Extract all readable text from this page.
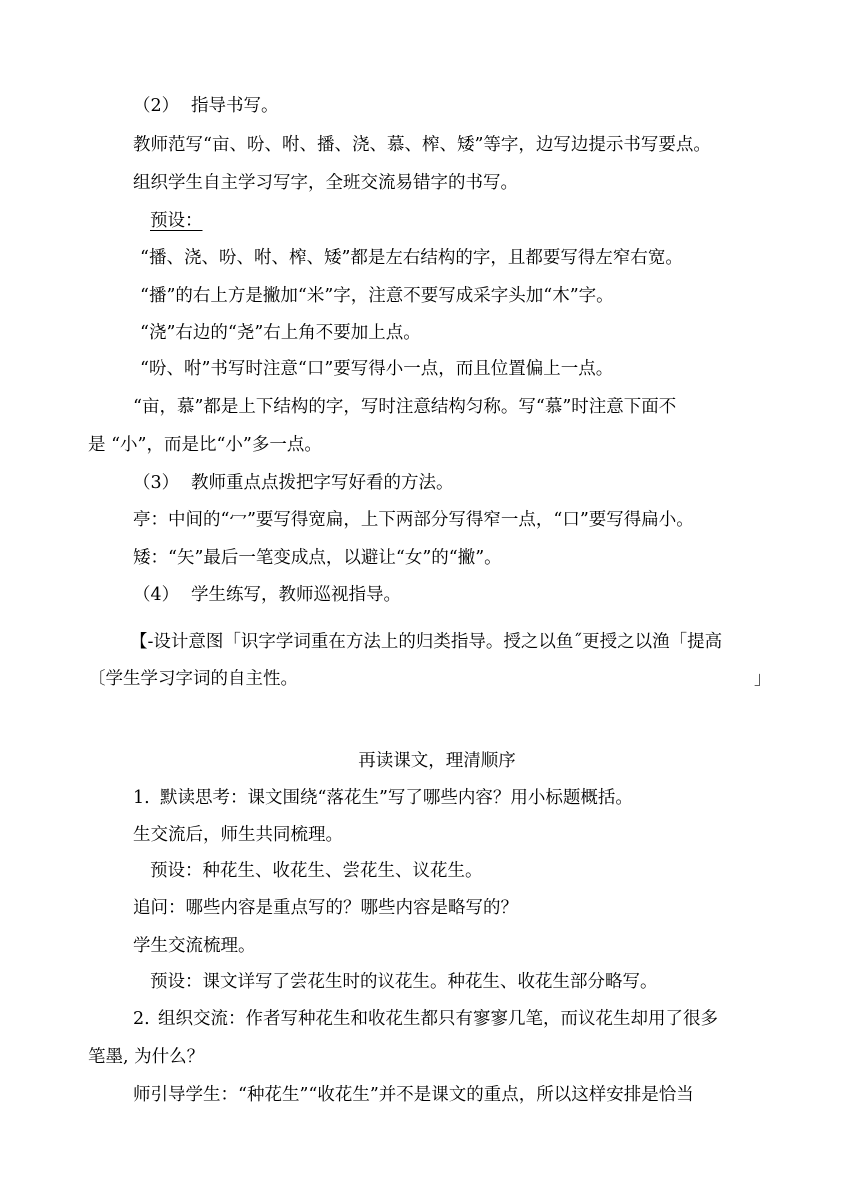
（2） 指导书写。
教师范写“亩、吩、咐、播、浇、慕、榨、矮”等字，边写边提示书写要点。
组织学生自主学习写字，全班交流易错字的书写。
预设：
“播、浇、吩、咐、榨、矮”都是左右结构的字，且都要写得左窄右宽。
“播”的右上方是撇加“米”字，注意不要写成采字头加“木”字。
“浇”右边的“尧”右上角不要加上点。
“吩、咐”书写时注意“口”要写得小一点，而且位置偏上一点。
“亩，慕”都是上下结构的字，写时注意结构匀称。写“慕”时注意下面不
是 “小”，而是比“小”多一点。
（3） 教师重点点拨把字写好看的方法。
亭：中间的“冖”要写得宽扁，上下两部分写得窄一点，“口”要写得扁小。
矮：“矢”最后一笔变成点，以避让“女”的“撇”。
（4） 学生练写，教师巡视指导。
【-设计意图「识字学词重在方法上的归类指导。授之以鱼˝更授之以渔「提高
〔学生学习字词的自主性。	」
再读课文，理清顺序
1. 默读思考：课文围绕“落花生”写了哪些内容？用小标题概括。
生交流后，师生共同梳理。
预设：种花生、收花生、尝花生、议花生。
追问：哪些内容是重点写的？哪些内容是略写的？
学生交流梳理。
预设：课文详写了尝花生时的议花生。种花生、收花生部分略写。
2. 组织交流：作者写种花生和收花生都只有寥寥几笔，而议花生却用了很多
笔墨, 为什么？
师引导学生：“种花生”“收花生”并不是课文的重点，所以这样安排是恰当
